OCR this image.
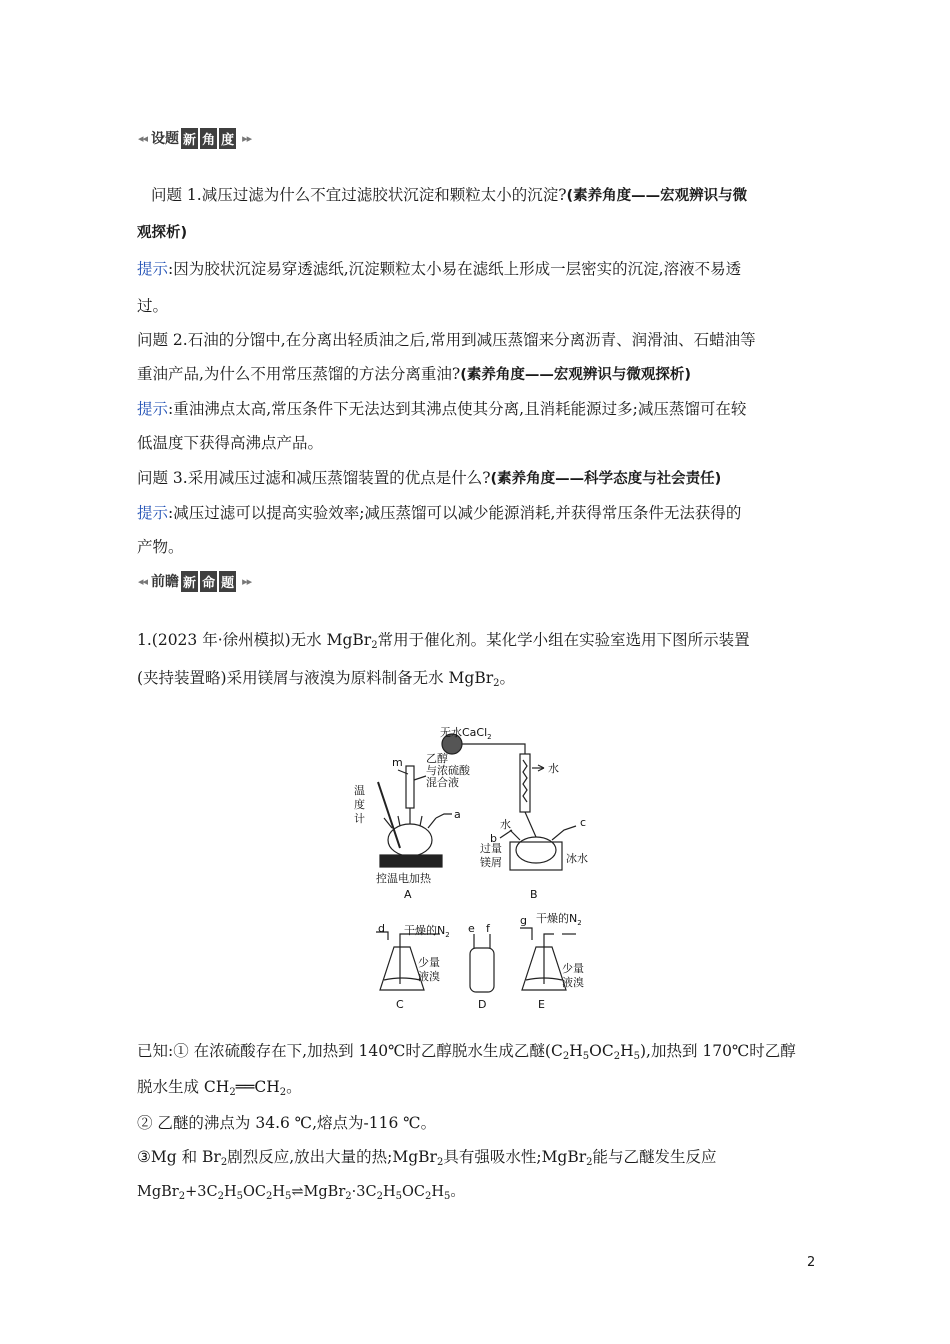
◂◂ 设 题 新 角 度 ▸▸
问题 1.减压过滤为什么不宜过滤胶状沉淀和颗粒太小的沉淀?(素养角度——宏观辨识与微
观探析)
提示:因为胶状沉淀易穿透滤纸,沉淀颗粒太小易在滤纸上形成一层密实的沉淀,溶液不易透
过。
问题 2.石油的分馏中,在分离出轻质油之后,常用到减压蒸馏来分离沥青、润滑油、石蜡油等
重油产品,为什么不用常压蒸馏的方法分离重油?(素养角度——宏观辨识与微观探析)
提示:重油沸点太高,常压条件下无法达到其沸点使其分离,且消耗能源过多;减压蒸馏可在较
低温度下获得高沸点产品。
问题 3.采用减压过滤和减压蒸馏装置的优点是什么?(素养角度——科学态度与社会责任)
提示:减压过滤可以提高实验效率;减压蒸馏可以减少能源消耗,并获得常压条件无法获得的
产物。
◂◂ 前 瞻 新 命 题 ▸▸
1.(2023 年·徐州模拟)无水 MgBr$_2$常用于催化剂。某化学小组在实验室选用下图所示装置
(夹持装置略)采用镁屑与液溴为原料制备无水 MgBr$_2$。
无水CaCl$_2$
m 乙醇
与浓硫酸
混合液
温
度
计	a
控温电加热
A
水
水
b
c
过量
镁屑	冰水
B
d 干燥的$N_2$
少量
液溴
C
e f
D
g 干燥的$N_2$
少量
液溴
E
已知:① 在浓硫酸存在下,加热到 140℃时乙醇脱水生成乙醚$(C_2H_5OC_2H_5)$,加热到 170℃时乙醇
脱水生成 $CH_2══CH_2$。
② 乙醚的沸点为 34.6 ℃,熔点为-116 ℃。
③Mg 和 $Br_2$剧烈反应,放出大量的热;MgBr$_2$具有强吸水性;MgBr$_2$能与乙醚发生反应
$MgBr_2+3C_2H_5OC_2H_5\rightleftharpoons MgBr_2\cdot 3C_2H_5OC_2H_5$。
2
